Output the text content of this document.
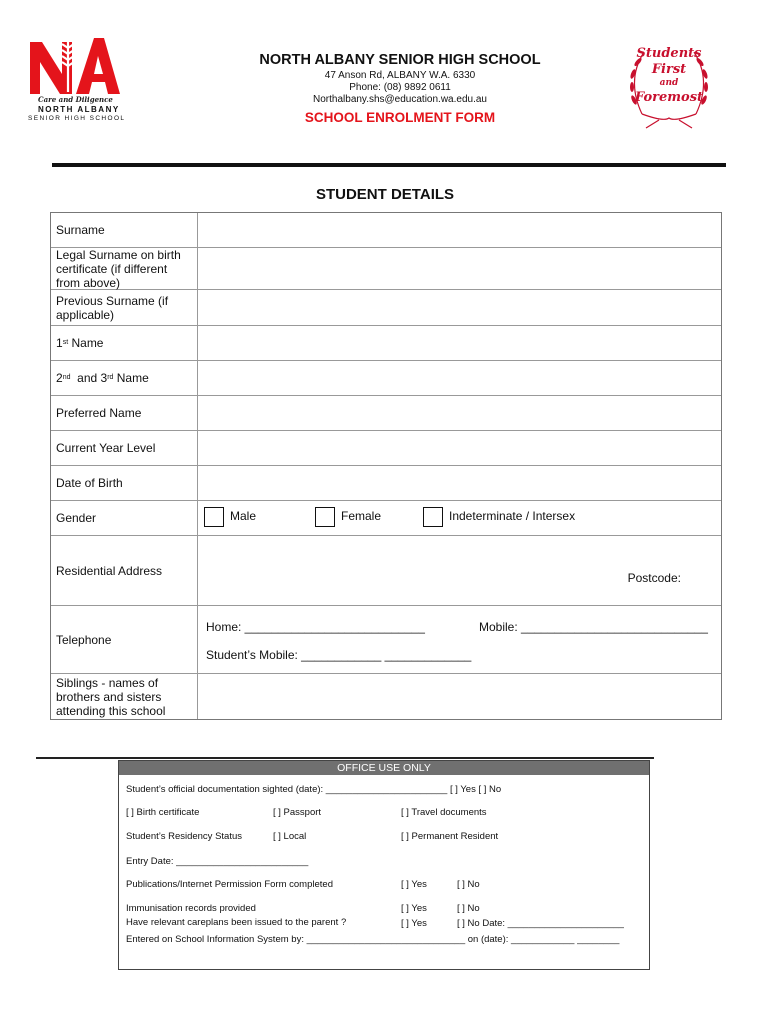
Care and Diligence
NORTH ALBANY
SENIOR HIGH SCHOOL
NORTH ALBANY SENIOR HIGH SCHOOL
47 Anson Rd, ALBANY W.A. 6330
Phone: (08) 9892 0611
Northalbany.shs@education.wa.edu.au
SCHOOL ENROLMENT FORM
Students
First
and
Foremost
STUDENT DETAILS
Surname
Legal Surname on birth certificate (if different from above)
Previous Surname (if applicable)
1 st Name
2 nd and 3 rd Name
Preferred Name
Current Year Level
Date of Birth
Gender	Male	Female	Indeterminate / Intersex
Residential Address
Postcode:
Telephone
Home: ___________________________	Mobile: ____________________________
Student’s Mobile: ____________ _____________
Siblings - names of brothers and sisters attending this school
OFFICE USE ONLY
Student’s official documentation sighted (date): _______________________ [ ] Yes [ ] No
[ ] Birth certificate	[ ] Passport	[ ] Travel documents
Student’s Residency Status	[ ] Local	[ ] Permanent Resident
Entry Date: _________________________
Publications/Internet Permission Form completed	[ ] Yes	[ ] No
Immunisation records provided	[ ] Yes	[ ] No
Have relevant careplans been issued to the parent ?	[ ] Yes	[ ] No Date: ______________________
Entered on School Information System by: ______________________________ on (date): ____________ ________
